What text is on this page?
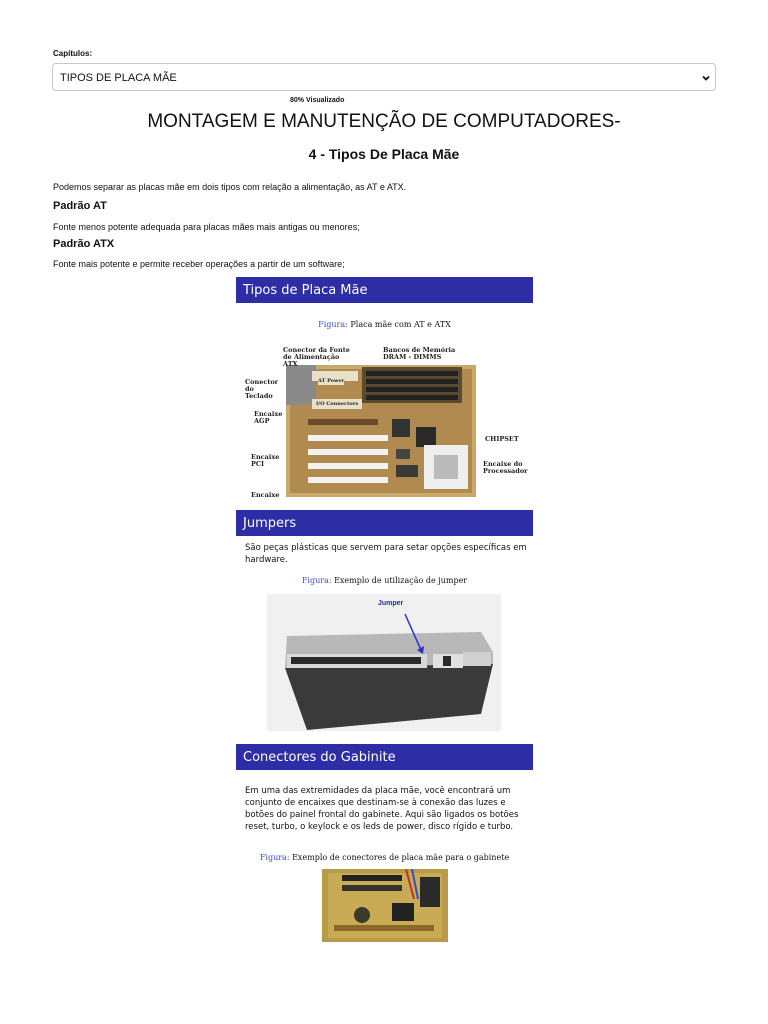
Capítulos:
TIPOS DE PLACA MÃE
80% Visualizado
MONTAGEM E MANUTENÇÃO DE COMPUTADORES-
4 - Tipos De Placa Mãe
Podemos separar as placas mãe em dois tipos com relação a alimentação, as AT e ATX.
Padrão AT
Fonte menos potente adequada para placas mães mais antigas ou menores;
Padrão ATX
Fonte mais potente e permite receber operações a partir de um software;
Tipos de Placa Mãe
Figura: Placa mãe com AT e ATX
Conector da Fonte de Alimentação ATX
Bancos de Memória DRAM - DIMMS
Conector do Teclado
AT Power
I/O Connectors
Encaixe AGP
CHIPSET
Encaixe PCI	Encaixe do Processador
Encaixe
Jumpers
São peças plásticas que servem para setar opções específicas em hardware.
Figura: Exemplo de utilização de jumper
Jumper
Conectores do Gabinite
Em uma das extremidades da placa mãe, você encontrará um conjunto de encaixes que destinam-se à conexão das luzes e botões do painel frontal do gabinete. Aqui são ligados os botões reset, turbo, o keylock e os leds de power, disco rígido e turbo.
Figura: Exemplo de conectores de placa mãe para o gabinete
